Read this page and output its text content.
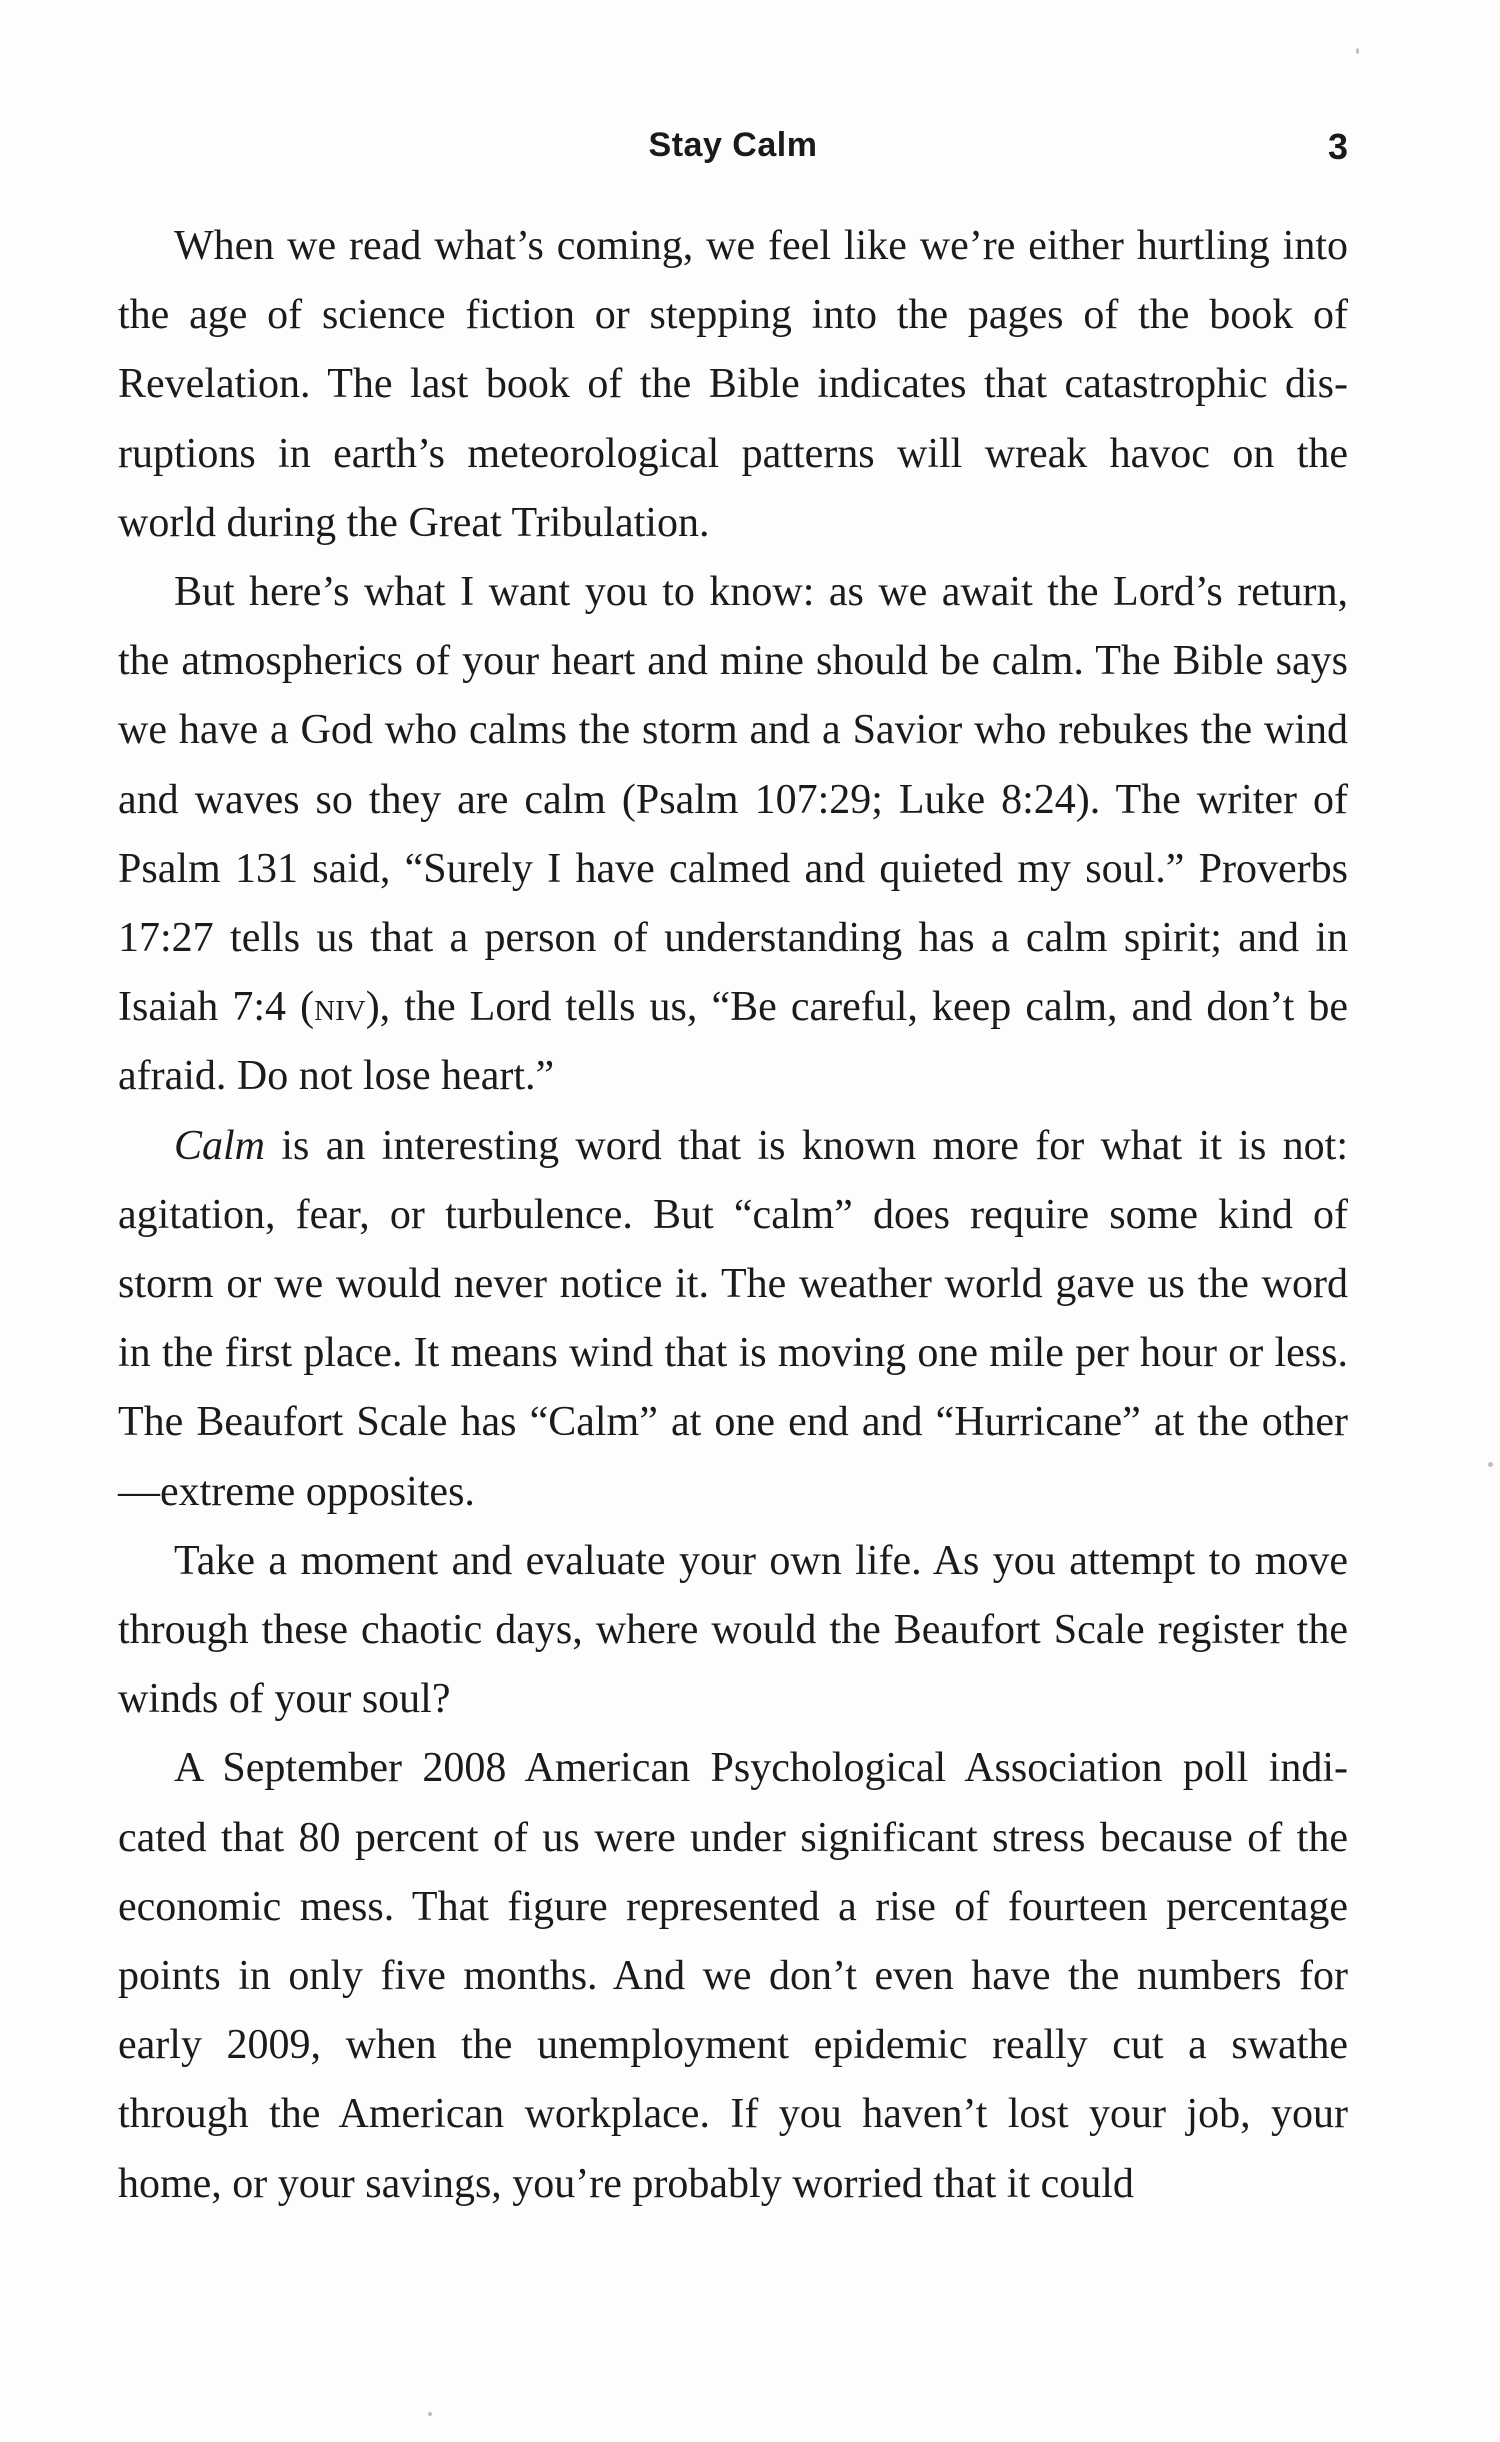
Stay Calm	3

When we read what’s coming, we feel like we’re either hurtling into the age of science fiction or stepping into the pages of the book of Revelation. The last book of the Bible indicates that catastrophic disruptions in earth’s meteorological patterns will wreak havoc on the world during the Great Tribulation.

But here’s what I want you to know: as we await the Lord’s return, the atmospherics of your heart and mine should be calm. The Bible says we have a God who calms the storm and a Savior who rebukes the wind and waves so they are calm (Psalm 107:29; Luke 8:24). The writer of Psalm 131 said, “Surely I have calmed and quieted my soul.” Proverbs 17:27 tells us that a person of understanding has a calm spirit; and in Isaiah 7:4 (niv), the Lord tells us, “Be careful, keep calm, and don’t be afraid. Do not lose heart.”

Calm is an interesting word that is known more for what it is not: agitation, fear, or turbulence. But “calm” does require some kind of storm or we would never notice it. The weather world gave us the word in the first place. It means wind that is moving one mile per hour or less. The Beaufort Scale has “Calm” at one end and “Hurricane” at the other—extreme opposites.

Take a moment and evaluate your own life. As you attempt to move through these chaotic days, where would the Beaufort Scale register the winds of your soul?

A September 2008 American Psychological Association poll indicated that 80 percent of us were under significant stress because of the economic mess. That figure represented a rise of fourteen percentage points in only five months. And we don’t even have the numbers for early 2009, when the unemployment epidemic really cut a swathe through the American workplace. If you haven’t lost your job, your home, or your savings, you’re probably worried that it could
